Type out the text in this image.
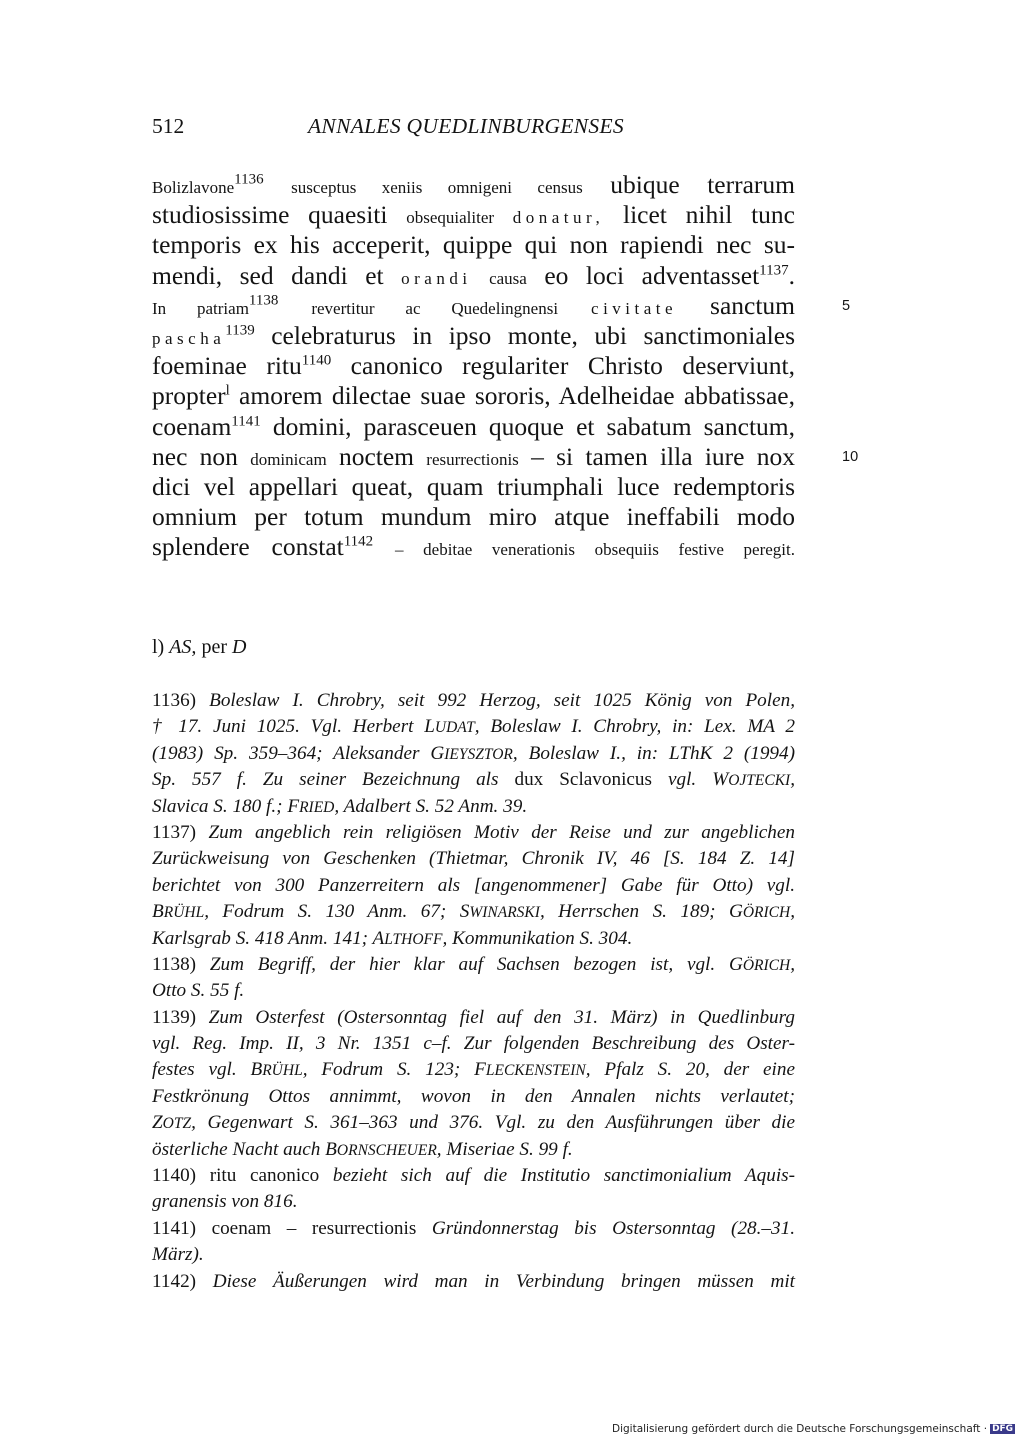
512	ANNALES QUEDLINBURGENSES
Bolizlavone$^{1136}$ susceptus xeniis omnigeni census ubique terrarum
studiosissime quaesiti obsequialiter donatur, licet nihil tunc
temporis ex his acceperit, quippe qui non rapiendi nec su-
mendi, sed dandi et orandi causa eo loci adventasset$^{1137}$.
In patriam$^{1138}$ revertitur ac Quedelingnensi civitate sanctum	5
pascha$^{1139}$ celebraturus in ipso monte, ubi sanctimoniales
foeminae ritu$^{1140}$ canonico regulariter Christo deserviunt,
propter$^l$ amorem dilectae suae sororis, Adelheidae abbatissae,
coenam$^{1141}$ domini, parasceuen quoque et sabatum sanctum,
nec non dominicam noctem resurrectionis – si tamen illa iure nox	10
dici vel appellari queat, quam triumphali luce redemptoris
omnium per totum mundum miro atque ineffabili modo
splendere constat$^{1142}$ – debitae venerationis obsequiis festive peregit.
l) AS, per D
1136) Boleslaw I. Chrobry, seit 992 Herzog, seit 1025 König von Polen,
† 17. Juni 1025. Vgl. Herbert LUDAT, Boleslaw I. Chrobry, in: Lex. MA 2
(1983) Sp. 359–364; Aleksander GIEYSZTOR, Boleslaw I., in: LThK 2 (1994)
Sp. 557 f. Zu seiner Bezeichnung als dux Sclavonicus vgl. WOJTECKI,
Slavica S. 180 f.; FRIED, Adalbert S. 52 Anm. 39.
1137) Zum angeblich rein religiösen Motiv der Reise und zur angeblichen
Zurückweisung von Geschenken (Thietmar, Chronik IV, 46 [S. 184 Z. 14]
berichtet von 300 Panzerreitern als [angenommener] Gabe für Otto) vgl.
BRÜHL, Fodrum S. 130 Anm. 67; SWINARSKI, Herrschen S. 189; GÖRICH,
Karlsgrab S. 418 Anm. 141; ALTHOFF, Kommunikation S. 304.
1138) Zum Begriff, der hier klar auf Sachsen bezogen ist, vgl. GÖRICH,
Otto S. 55 f.
1139) Zum Osterfest (Ostersonntag fiel auf den 31. März) in Quedlinburg
vgl. Reg. Imp. II, 3 Nr. 1351 c–f. Zur folgenden Beschreibung des Oster-
festes vgl. BRÜHL, Fodrum S. 123; FLECKENSTEIN, Pfalz S. 20, der eine
Festkrönung Ottos annimmt, wovon in den Annalen nichts verlautet;
ZOTZ, Gegenwart S. 361–363 und 376. Vgl. zu den Ausführungen über die
österliche Nacht auch BORNSCHEUER, Miseriae S. 99 f.
1140) ritu canonico bezieht sich auf die Institutio sanctimonialium Aquis-
granensis von 816.
1141) coenam – resurrectionis Gründonnerstag bis Ostersonntag (28.–31.
März).
1142) Diese Äußerungen wird man in Verbindung bringen müssen mit
Digitalisierung gefördert durch die Deutsche Forschungsgemeinschaft · DFG
